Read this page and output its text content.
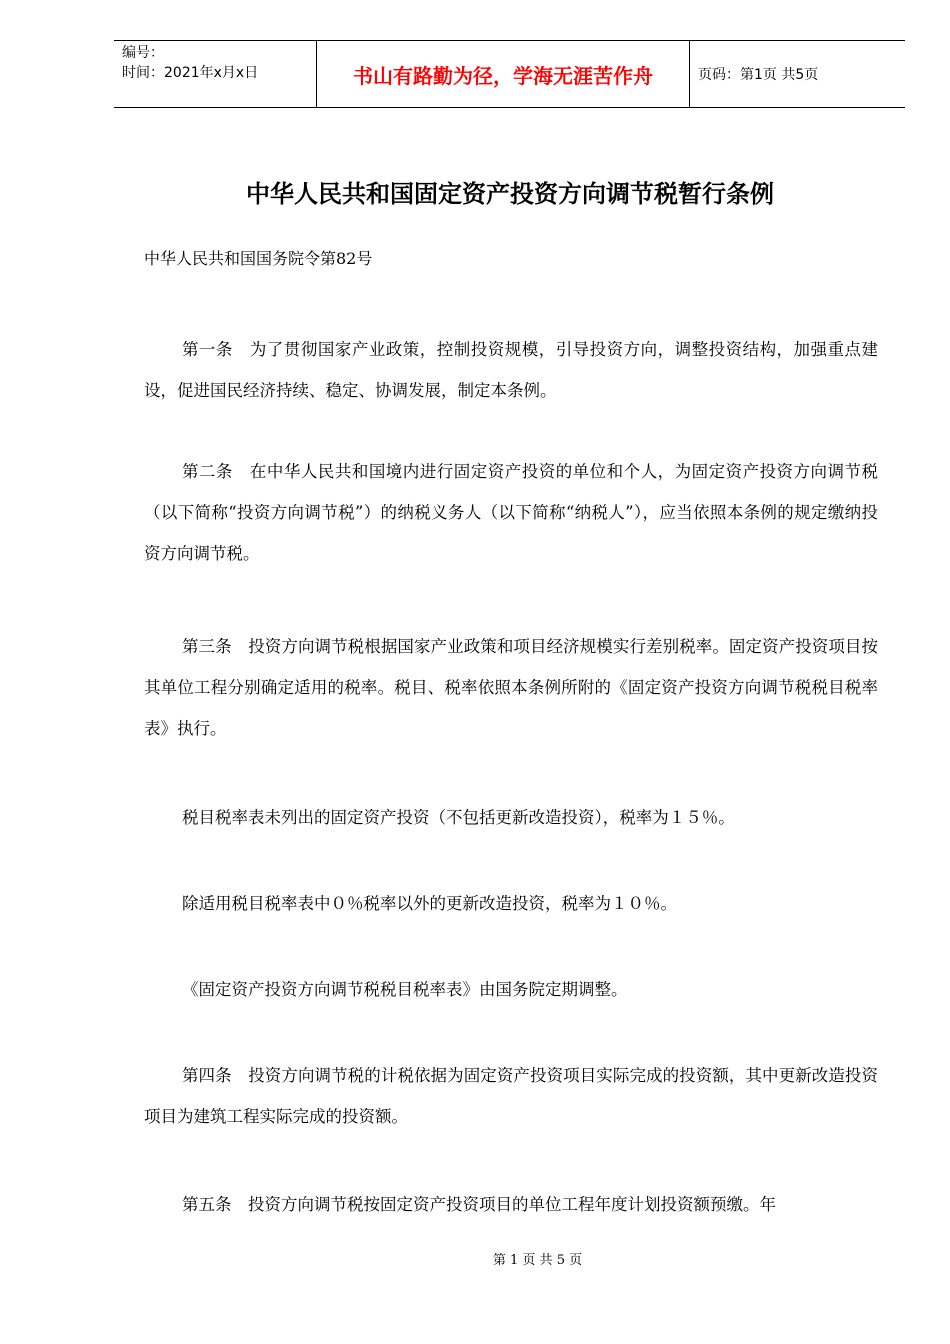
编号：
时间：2021年x月x日	书山有路勤为径，学海无涯苦作舟	页码：第1页 共5页
中华人民共和国固定资产投资方向调节税暂行条例

中华人民共和国国务院令第82号

第一条　为了贯彻国家产业政策，控制投资规模，引导投资方向，调整投资结构，加强重点建设，促进国民经济持续、稳定、协调发展，制定本条例。

第二条　在中华人民共和国境内进行固定资产投资的单位和个人，为固定资产投资方向调节税（以下简称“投资方向调节税”）的纳税义务人（以下简称“纳税人”），应当依照本条例的规定缴纳投资方向调节税。

第三条　投资方向调节税根据国家产业政策和项目经济规模实行差别税率。固定资产投资项目按其单位工程分别确定适用的税率。税目、税率依照本条例所附的《固定资产投资方向调节税税目税率表》执行。

税目税率表未列出的固定资产投资（不包括更新改造投资），税率为１５％。

除适用税目税率表中０％税率以外的更新改造投资，税率为１０％。

《固定资产投资方向调节税税目税率表》由国务院定期调整。

第四条　投资方向调节税的计税依据为固定资产投资项目实际完成的投资额，其中更新改造投资项目为建筑工程实际完成的投资额。

第五条　投资方向调节税按固定资产投资项目的单位工程年度计划投资额预缴。年

第 1 页 共 5 页
